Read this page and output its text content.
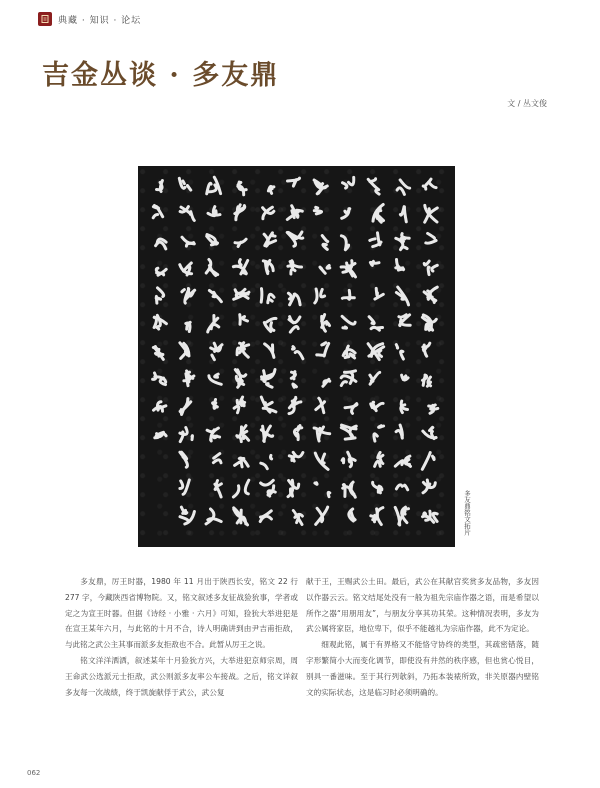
典藏 · 知识 · 论坛
吉金丛谈 · 多友鼎
文 / 丛文俊
多友鼎铭文拓片

多友鼎，厉王时器，1980 年 11 月出于陕西长安，铭文 22 行 277 字，今藏陕西省博物院。又，铭文叙述多友征战猃狁事，学者或定之为宣王时器。但据《诗经 · 小雅 · 六月》可知，猃狁大举进犯是在宣王某年六月，与此铭的十月不合，诗人明确讲到由尹吉甫拒敌，与此铭之武公主其事而派多友拒敌也不合。此暂从厉王之说。

铭文洋洋洒洒，叙述某年十月猃狁方兴，大举进犯京师宗周，周王命武公选派元士拒敌，武公则派多友率公车接战。之后，铭文详叙多友每一次战绩，终于凯旋献俘于武公，武公复

献于王，王赐武公土田。最后，武公在其献宫奖赏多友品物，多友因以作器云云。铭文结尾处没有一般为祖先宗庙作器之语，而是希望以所作之器“用朋用友”，与朋友分享其功其荣。这种情况表明，多友为武公属将家臣，地位卑下，似乎不能越礼为宗庙作器，此不为定论。

细观此铭，属于有界格又不能恪守协终的类型，其疏密错落，随字形繁简小大而变化调节，即使没有井然的秩序感，但也赏心悦目，别具一番滋味。至于其行列欹斜，乃拓本装裱所致，非关原器内壁铭文的实际状态，这是临习时必须明确的。

062
